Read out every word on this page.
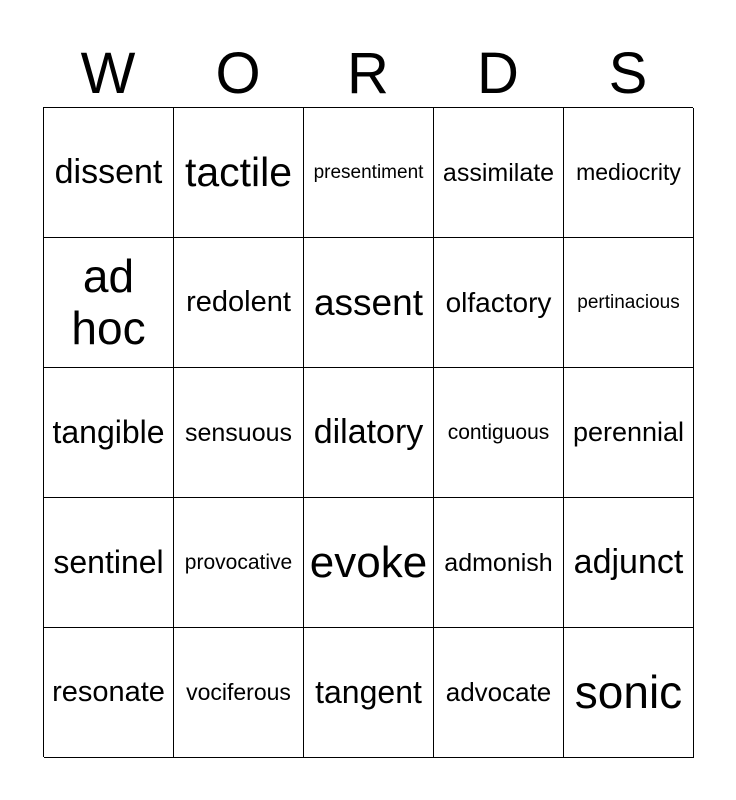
W	O	R	D	S
dissent tactile presentiment assimilate mediocrity
ad hoc	redolent assent olfactory pertinacious
tangible sensuous dilatory contiguous perennial
sentinel provocative evoke admonish adjunct
resonate vociferous tangent advocate sonic
